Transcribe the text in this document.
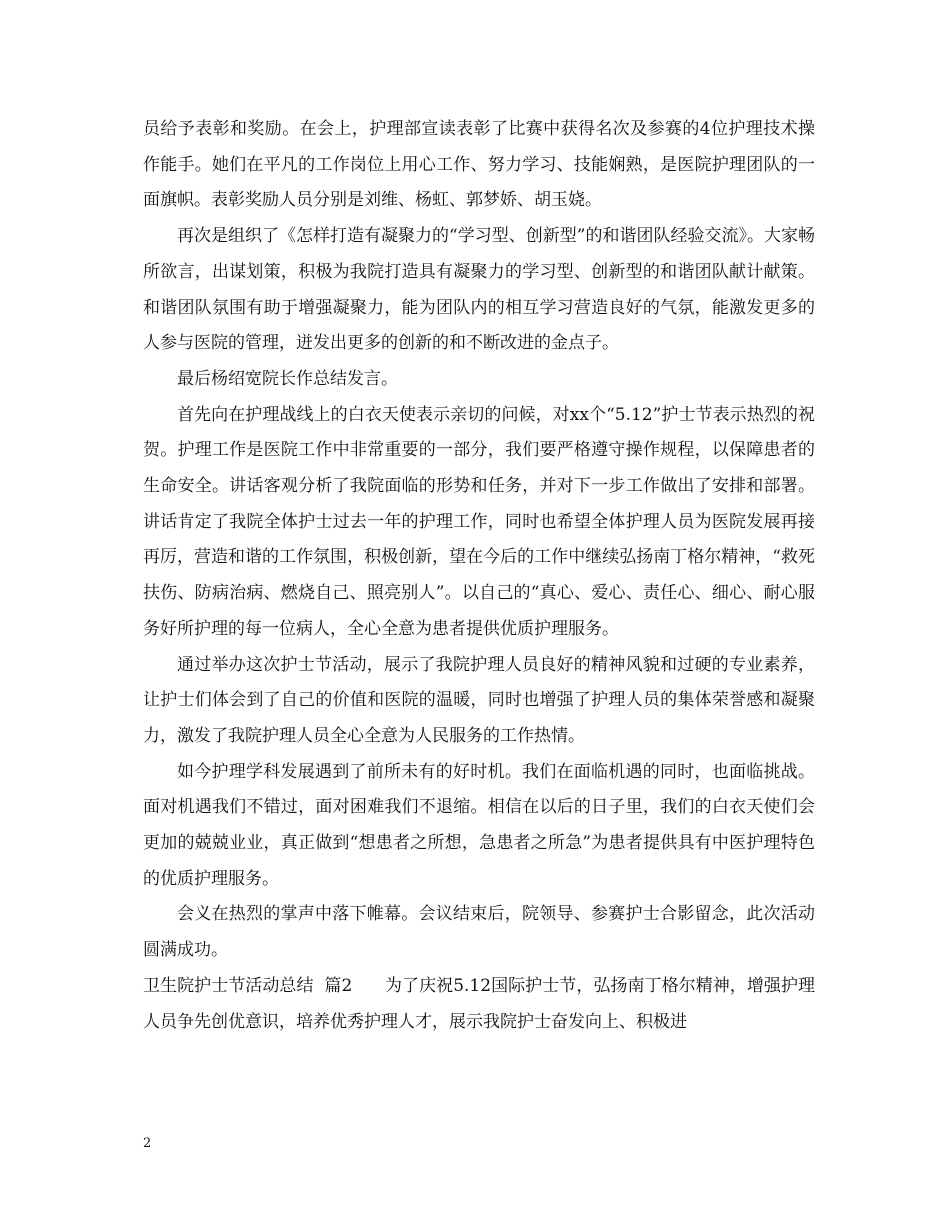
员给予表彰和奖励。在会上，护理部宣读表彰了比赛中获得名次及参赛的4位护理技术操作能手。她们在平凡的工作岗位上用心工作、努力学习、技能娴熟，是医院护理团队的一面旗帜。表彰奖励人员分别是刘维、杨虹、郭梦娇、胡玉娆。

再次是组织了《怎样打造有凝聚力的“学习型、创新型”的和谐团队经验交流》。大家畅所欲言，出谋划策，积极为我院打造具有凝聚力的学习型、创新型的和谐团队献计献策。和谐团队氛围有助于增强凝聚力，能为团队内的相互学习营造良好的气氛，能激发更多的人参与医院的管理，迸发出更多的创新的和不断改进的金点子。

最后杨绍宽院长作总结发言。

首先向在护理战线上的白衣天使表示亲切的问候，对xx个“5.12”护士节表示热烈的祝贺。护理工作是医院工作中非常重要的一部分，我们要严格遵守操作规程，以保障患者的生命安全。讲话客观分析了我院面临的形势和任务，并对下一步工作做出了安排和部署。讲话肯定了我院全体护士过去一年的护理工作，同时也希望全体护理人员为医院发展再接再厉，营造和谐的工作氛围，积极创新，望在今后的工作中继续弘扬南丁格尔精神，“救死扶伤、防病治病、燃烧自己、照亮别人”。以自己的“真心、爱心、责任心、细心、耐心服务好所护理的每一位病人，全心全意为患者提供优质护理服务。

通过举办这次护士节活动，展示了我院护理人员良好的精神风貌和过硬的专业素养，让护士们体会到了自己的价值和医院的温暖，同时也增强了护理人员的集体荣誉感和凝聚力，激发了我院护理人员全心全意为人民服务的工作热情。

如今护理学科发展遇到了前所未有的好时机。我们在面临机遇的同时，也面临挑战。面对机遇我们不错过，面对困难我们不退缩。相信在以后的日子里，我们的白衣天使们会更加的兢兢业业，真正做到“想患者之所想，急患者之所急”为患者提供具有中医护理特色的优质护理服务。

会义在热烈的掌声中落下帷幕。会议结束后，院领导、参赛护士合影留念，此次活动圆满成功。

卫生院护士节活动总结  篇2      为了庆祝5.12国际护士节，弘扬南丁格尔精神，增强护理人员争先创优意识，培养优秀护理人才，展示我院护士奋发向上、积极进

2
